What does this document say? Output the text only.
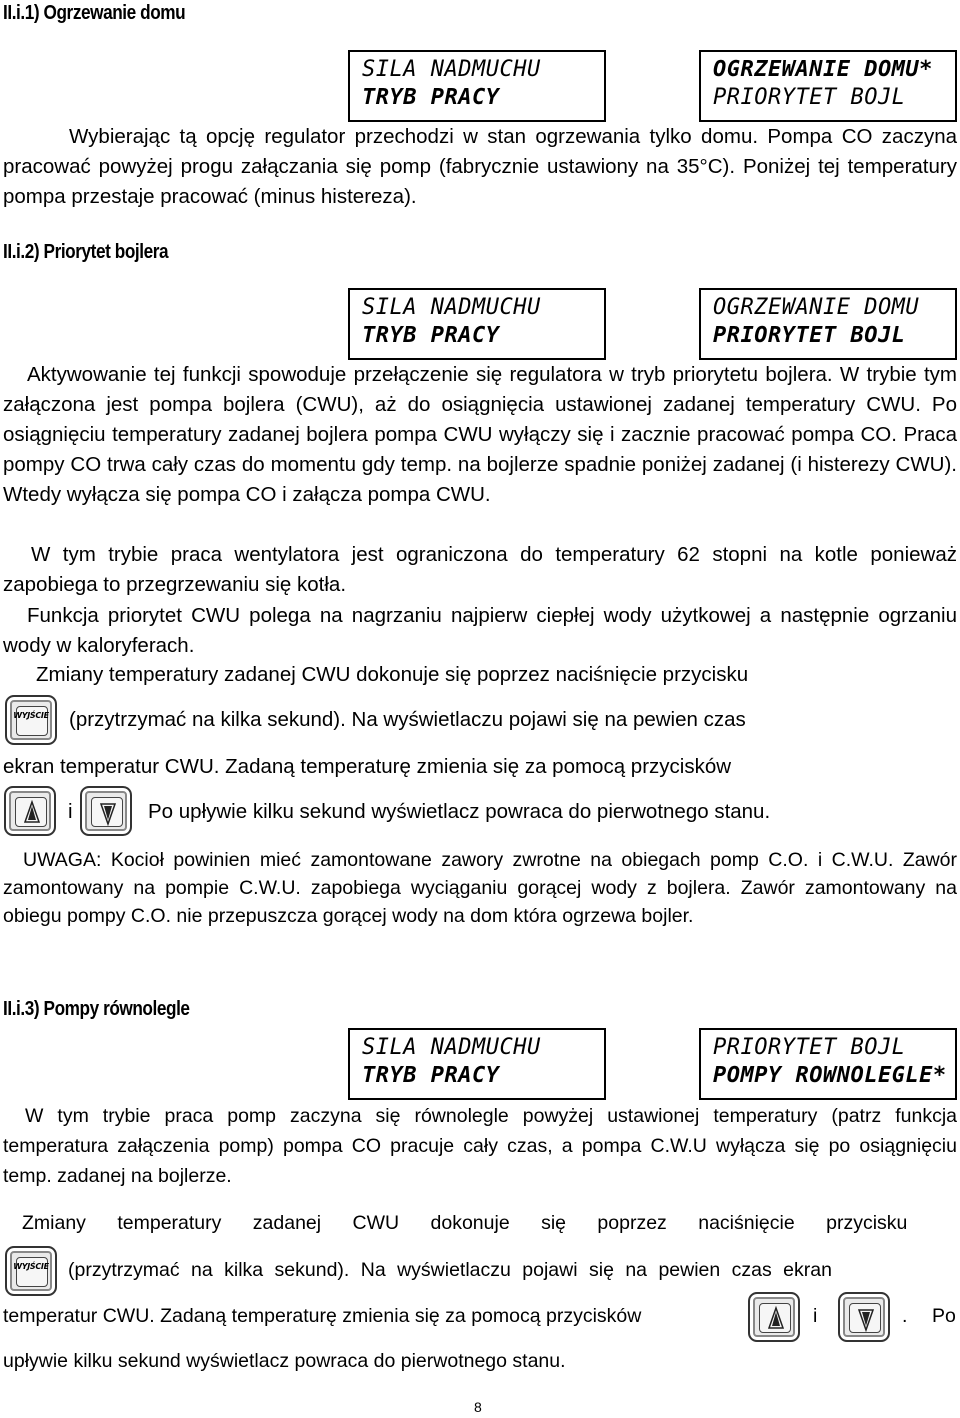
II.i.1) Ogrzewanie domu
SILA NADMUCHU
TRYB PRACY
OGRZEWANIE DOMU*
PRIORYTET BOJL
Wybierając tą opcję regulator przechodzi w stan ogrzewania tylko domu. Pompa CO zaczyna pracować powyżej progu załączania się pomp (fabrycznie ustawiony na 35°C). Poniżej tej temperatury pompa przestaje pracować (minus histereza).
II.i.2) Priorytet bojlera
SILA NADMUCHU
TRYB PRACY
OGRZEWANIE DOMU
PRIORYTET BOJL
Aktywowanie tej funkcji spowoduje przełączenie się regulatora w tryb priorytetu bojlera. W trybie tym załączona jest pompa bojlera (CWU), aż do osiągnięcia ustawionej zadanej temperatury CWU. Po osiągnięciu temperatury zadanej bojlera pompa CWU wyłączy się i zacznie pracować pompa CO. Praca pompy CO trwa cały czas do momentu gdy temp. na bojlerze spadnie poniżej zadanej (i histerezy CWU). Wtedy wyłącza się pompa CO i załącza pompa CWU.
W tym trybie praca wentylatora jest ograniczona do temperatury 62 stopni na kotle ponieważ zapobiega to przegrzewaniu się kotła.
Funkcja priorytet CWU polega na nagrzaniu najpierw ciepłej wody użytkowej a następnie ogrzaniu wody w kaloryferach.
Zmiany temperatury zadanej CWU dokonuje się poprzez naciśnięcie przycisku
WYJŚCIE (przytrzymać na kilka sekund). Na wyświetlaczu pojawi się na pewien czas
ekran temperatur CWU. Zadaną temperaturę zmienia się za pomocą przycisków
i	Po upływie kilku sekund wyświetlacz powraca do pierwotnego stanu.
UWAGA: Kocioł powinien mieć zamontowane zawory zwrotne na obiegach pomp C.O. i C.W.U. Zawór zamontowany na pompie C.W.U. zapobiega wyciąganiu gorącej wody z bojlera. Zawór zamontowany na obiegu pompy C.O. nie przepuszcza gorącej wody na dom która ogrzewa bojler.
II.i.3) Pompy równolegle
SILA NADMUCHU
TRYB PRACY
PRIORYTET BOJL
POMPY ROWNOLEGLE*
W tym trybie praca pomp zaczyna się równolegle powyżej ustawionej temperatury (patrz funkcja temperatura załączenia pomp) pompa CO pracuje cały czas, a pompa C.W.U wyłącza się po osiągnięciu temp. zadanej na bojlerze.
Zmiany temperatury zadanej CWU dokonuje się poprzez naciśnięcie przycisku
WYJŚCIE (przytrzymać na kilka sekund). Na wyświetlaczu pojawi się na pewien czas ekran
temperatur CWU. Zadaną temperaturę zmienia się za pomocą przycisków	i	. Po
upływie kilku sekund wyświetlacz powraca do pierwotnego stanu.
8
